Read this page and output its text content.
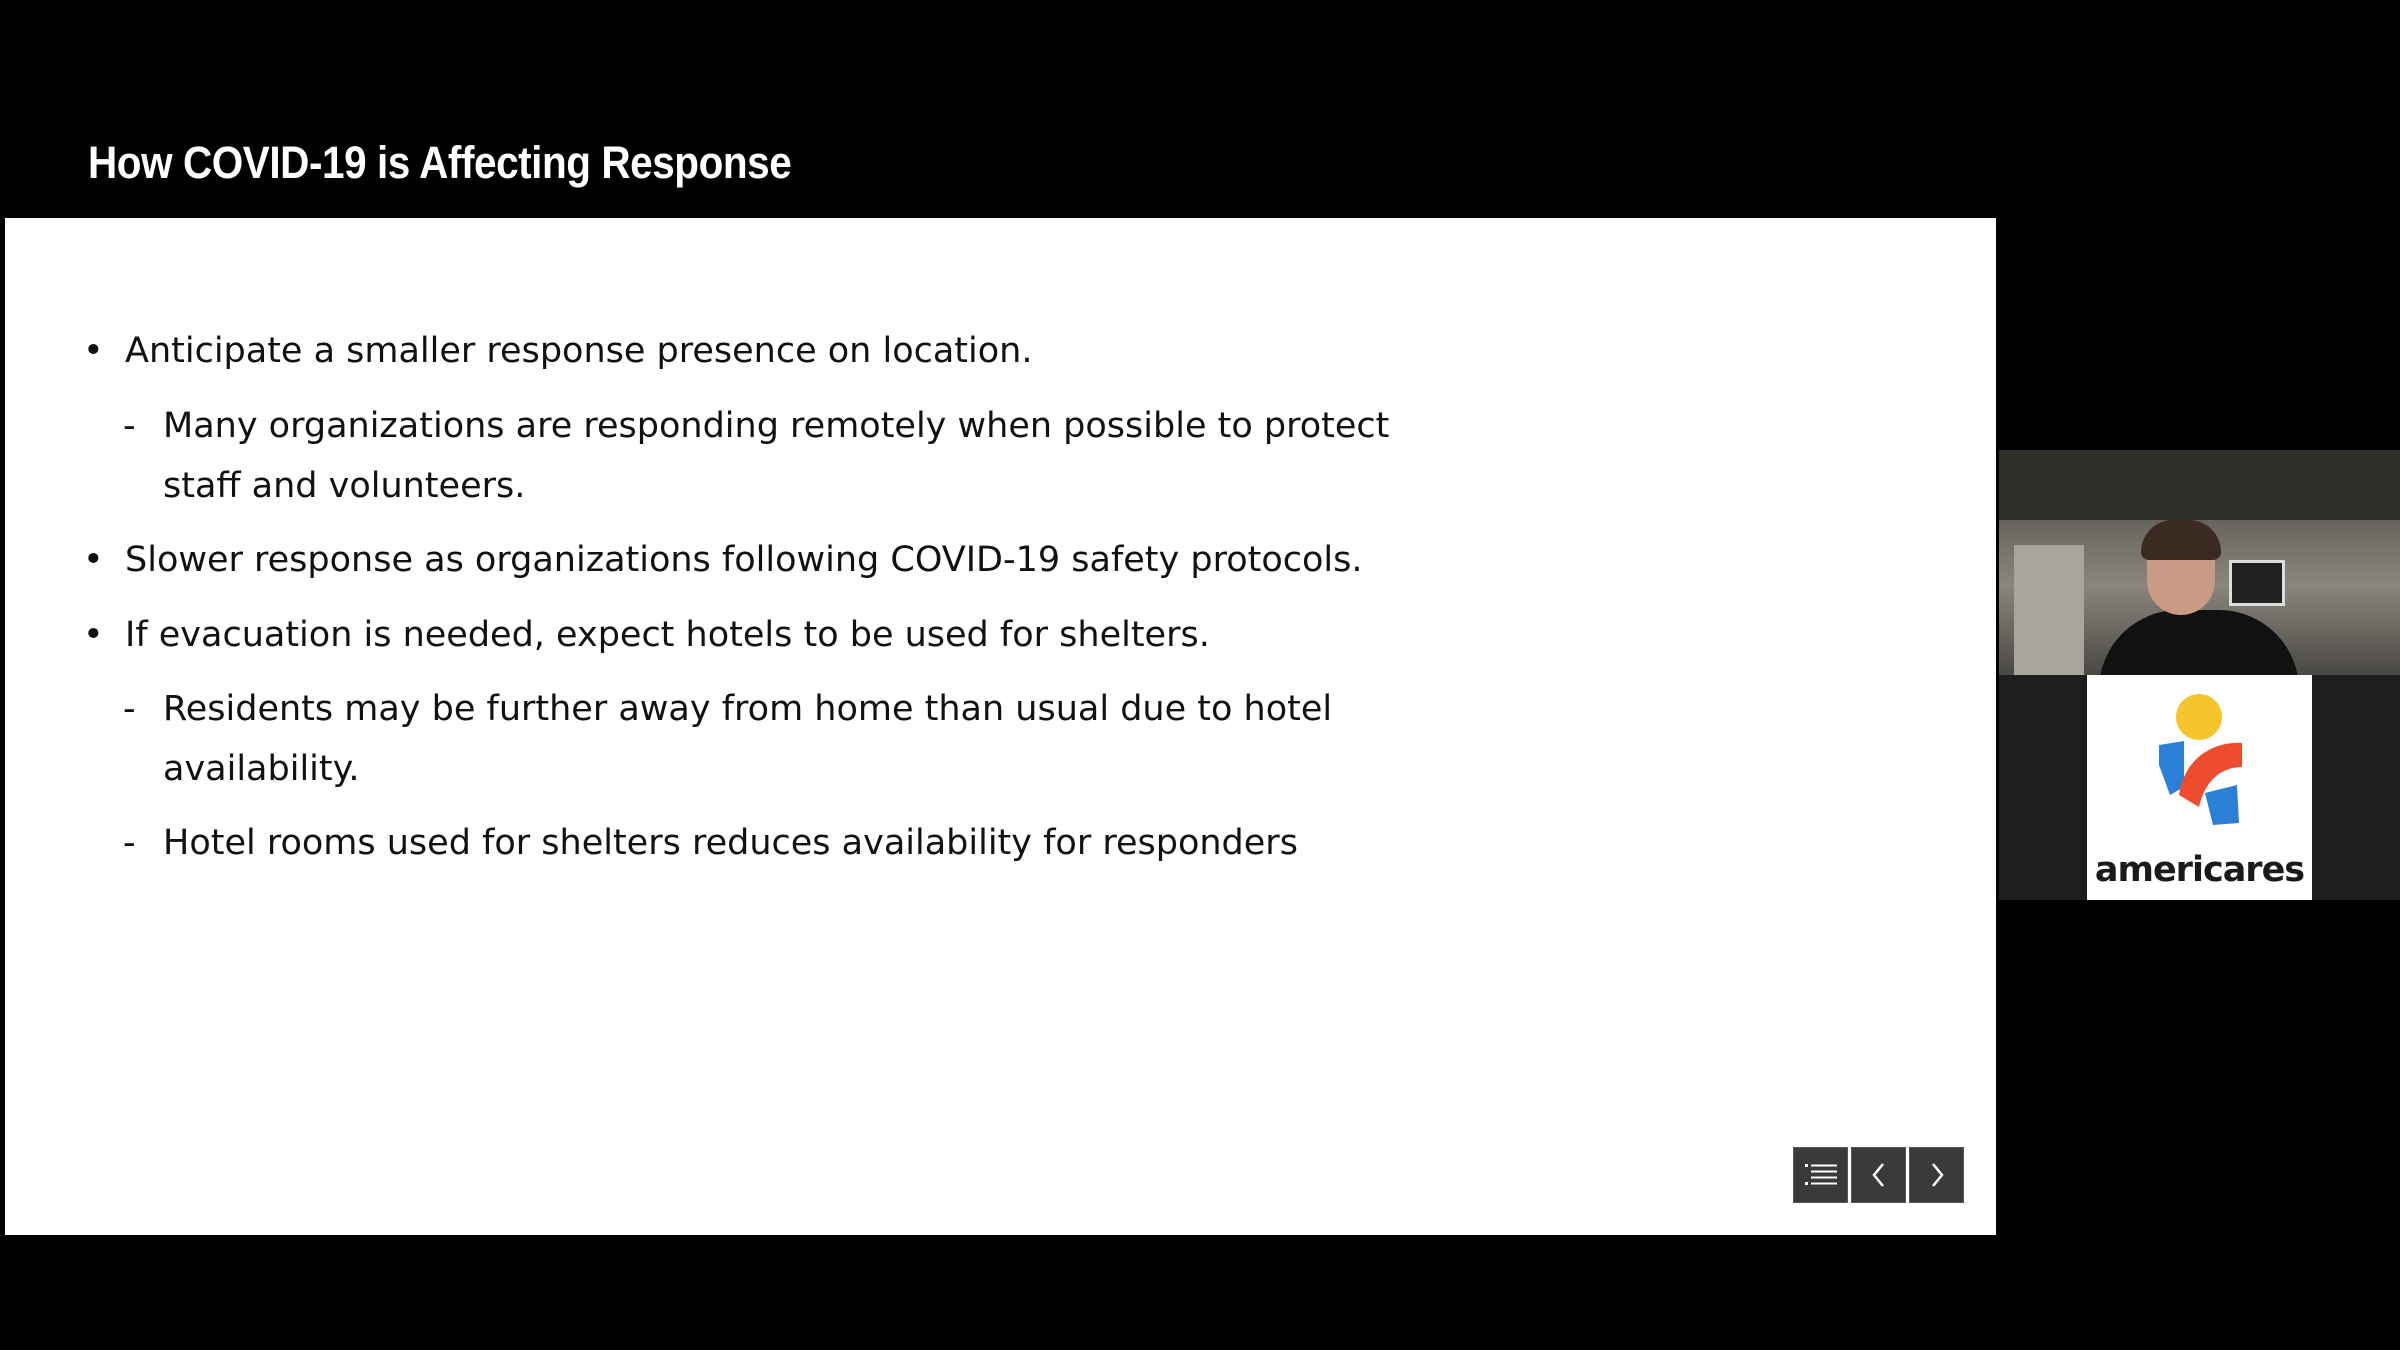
How COVID-19 is Affecting Response
• Anticipate a smaller response presence on location.
- Many organizations are responding remotely when possible to protect staff and volunteers.
• Slower response as organizations following COVID-19 safety protocols.
• If evacuation is needed, expect hotels to be used for shelters.
- Residents may be further away from home than usual due to hotel availability.
- Hotel rooms used for shelters reduces availability for responders
americares
